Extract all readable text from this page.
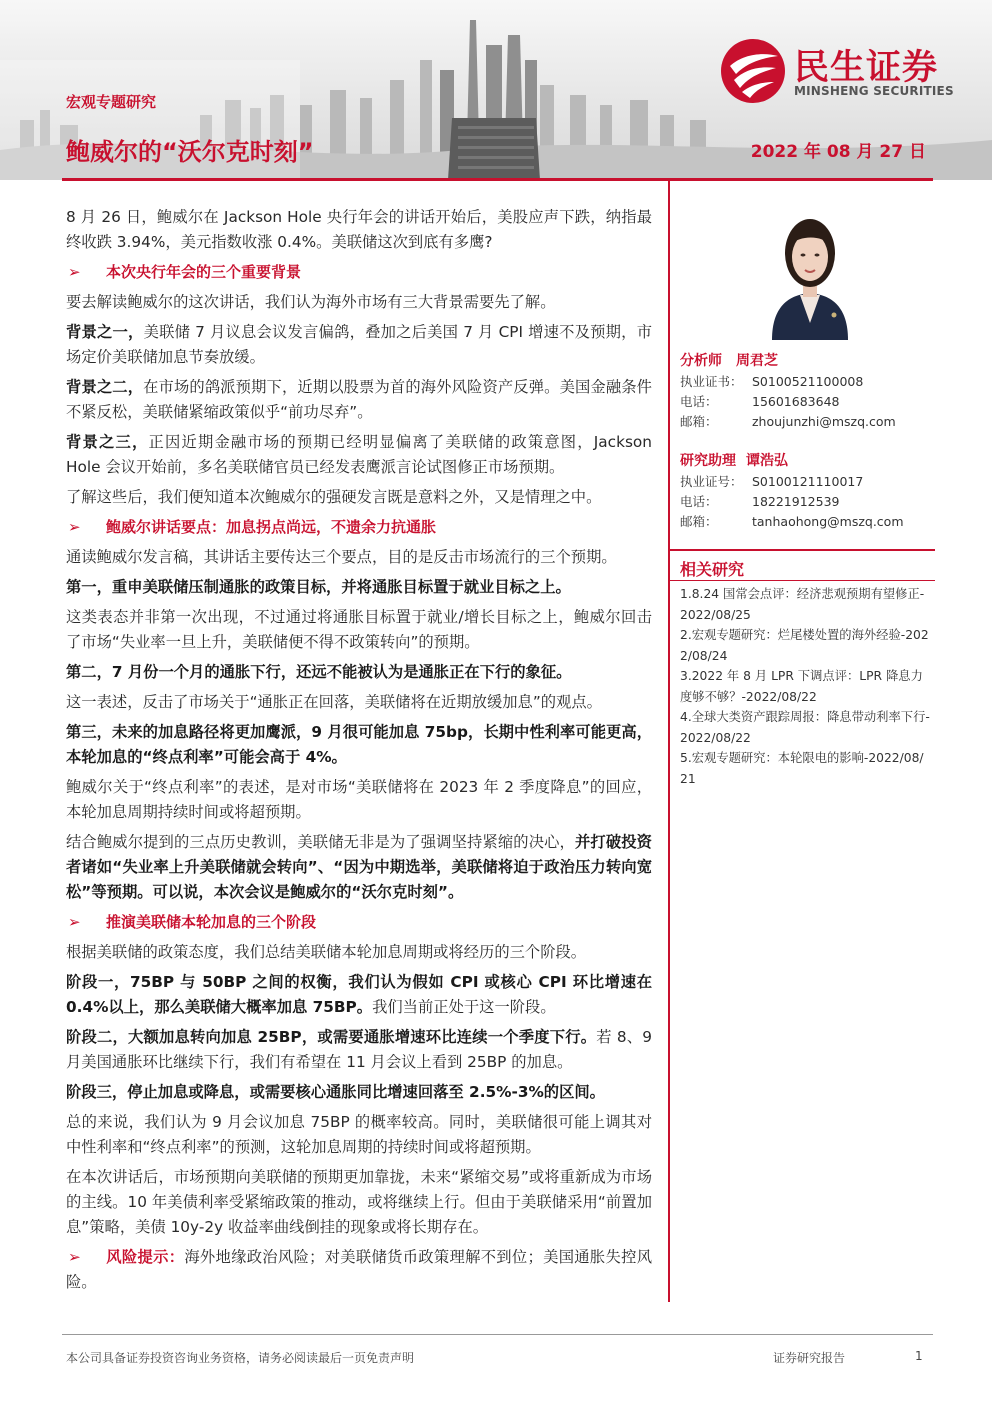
民生证券
MINSHENG SECURITIES
宏观专题研究
鲍威尔的“沃尔克时刻”	2022 年 08 月 27 日

8 月 26 日，鲍威尔在 Jackson Hole 央行年会的讲话开始后，美股应声下跌，纳指最终收跌 3.94%，美元指数收涨 0.4%。美联储这次到底有多鹰?

➢ 本次央行年会的三个重要背景

要去解读鲍威尔的这次讲话，我们认为海外市场有三大背景需要先了解。

背景之一，美联储 7 月议息会议发言偏鸽，叠加之后美国 7 月 CPI 增速不及预期，市场定价美联储加息节奏放缓。

背景之二，在市场的鸽派预期下，近期以股票为首的海外风险资产反弹。美国金融条件不紧反松，美联储紧缩政策似乎“前功尽弃”。

背景之三，正因近期金融市场的预期已经明显偏离了美联储的政策意图，Jackson Hole 会议开始前，多名美联储官员已经发表鹰派言论试图修正市场预期。

了解这些后，我们便知道本次鲍威尔的强硬发言既是意料之外，又是情理之中。

➢ 鲍威尔讲话要点：加息拐点尚远，不遗余力抗通胀

通读鲍威尔发言稿，其讲话主要传达三个要点，目的是反击市场流行的三个预期。

第一，重申美联储压制通胀的政策目标，并将通胀目标置于就业目标之上。

这类表态并非第一次出现，不过通过将通胀目标置于就业/增长目标之上，鲍威尔回击了市场“失业率一旦上升，美联储便不得不政策转向”的预期。

第二，7 月份一个月的通胀下行，还远不能被认为是通胀正在下行的象征。

这一表述，反击了市场关于“通胀正在回落，美联储将在近期放缓加息”的观点。

第三，未来的加息路径将更加鹰派，9 月很可能加息 75bp，长期中性利率可能更高，本轮加息的“终点利率”可能会高于 4%。

鲍威尔关于“终点利率”的表述，是对市场“美联储将在 2023 年 2 季度降息”的回应，本轮加息周期持续时间或将超预期。

结合鲍威尔提到的三点历史教训，美联储无非是为了强调坚持紧缩的决心，并打破投资者诸如“失业率上升美联储就会转向”、“因为中期选举，美联储将迫于政治压力转向宽松”等预期。可以说，本次会议是鲍威尔的“沃尔克时刻”。

➢ 推演美联储本轮加息的三个阶段

根据美联储的政策态度，我们总结美联储本轮加息周期或将经历的三个阶段。

阶段一，75BP 与 50BP 之间的权衡，我们认为假如 CPI 或核心 CPI 环比增速在 0.4%以上，那么美联储大概率加息 75BP。我们当前正处于这一阶段。

阶段二，大额加息转向加息 25BP，或需要通胀增速环比连续一个季度下行。若 8、9 月美国通胀环比继续下行，我们有希望在 11 月会议上看到 25BP 的加息。

阶段三，停止加息或降息，或需要核心通胀同比增速回落至 2.5%-3%的区间。

总的来说，我们认为 9 月会议加息 75BP 的概率较高。同时，美联储很可能上调其对中性利率和“终点利率”的预测，这轮加息周期的持续时间或将超预期。

在本次讲话后，市场预期向美联储的预期更加靠拢，未来“紧缩交易”或将重新成为市场的主线。10 年美债利率受紧缩政策的推动，或将继续上行。但由于美联储采用“前置加息”策略，美债 10y-2y 收益率曲线倒挂的现象或将长期存在。

➢ 风险提示：海外地缘政治风险；对美联储货币政策理解不到位；美国通胀失控风险。

分析师 周君芝
执业证书： S0100521100008
电话：	15601683648
邮箱：	zhoujunzhi@mszq.com
研究助理 谭浩弘
执业证号： S0100121110017
电话：	18221912539
邮箱：	tanhaohong@mszq.com
相关研究

1.8.24 国常会点评：经济悲观预期有望修正-2022/08/25

2.宏观专题研究：烂尾楼处置的海外经验-2022/08/24

3.2022 年 8 月 LPR 下调点评：LPR 降息力度够不够？-2022/08/22

4.全球大类资产跟踪周报：降息带动利率下行-2022/08/22

5.宏观专题研究：本轮限电的影响-2022/08/21

本公司具备证券投资咨询业务资格，请务必阅读最后一页免责声明	证券研究报告	1
